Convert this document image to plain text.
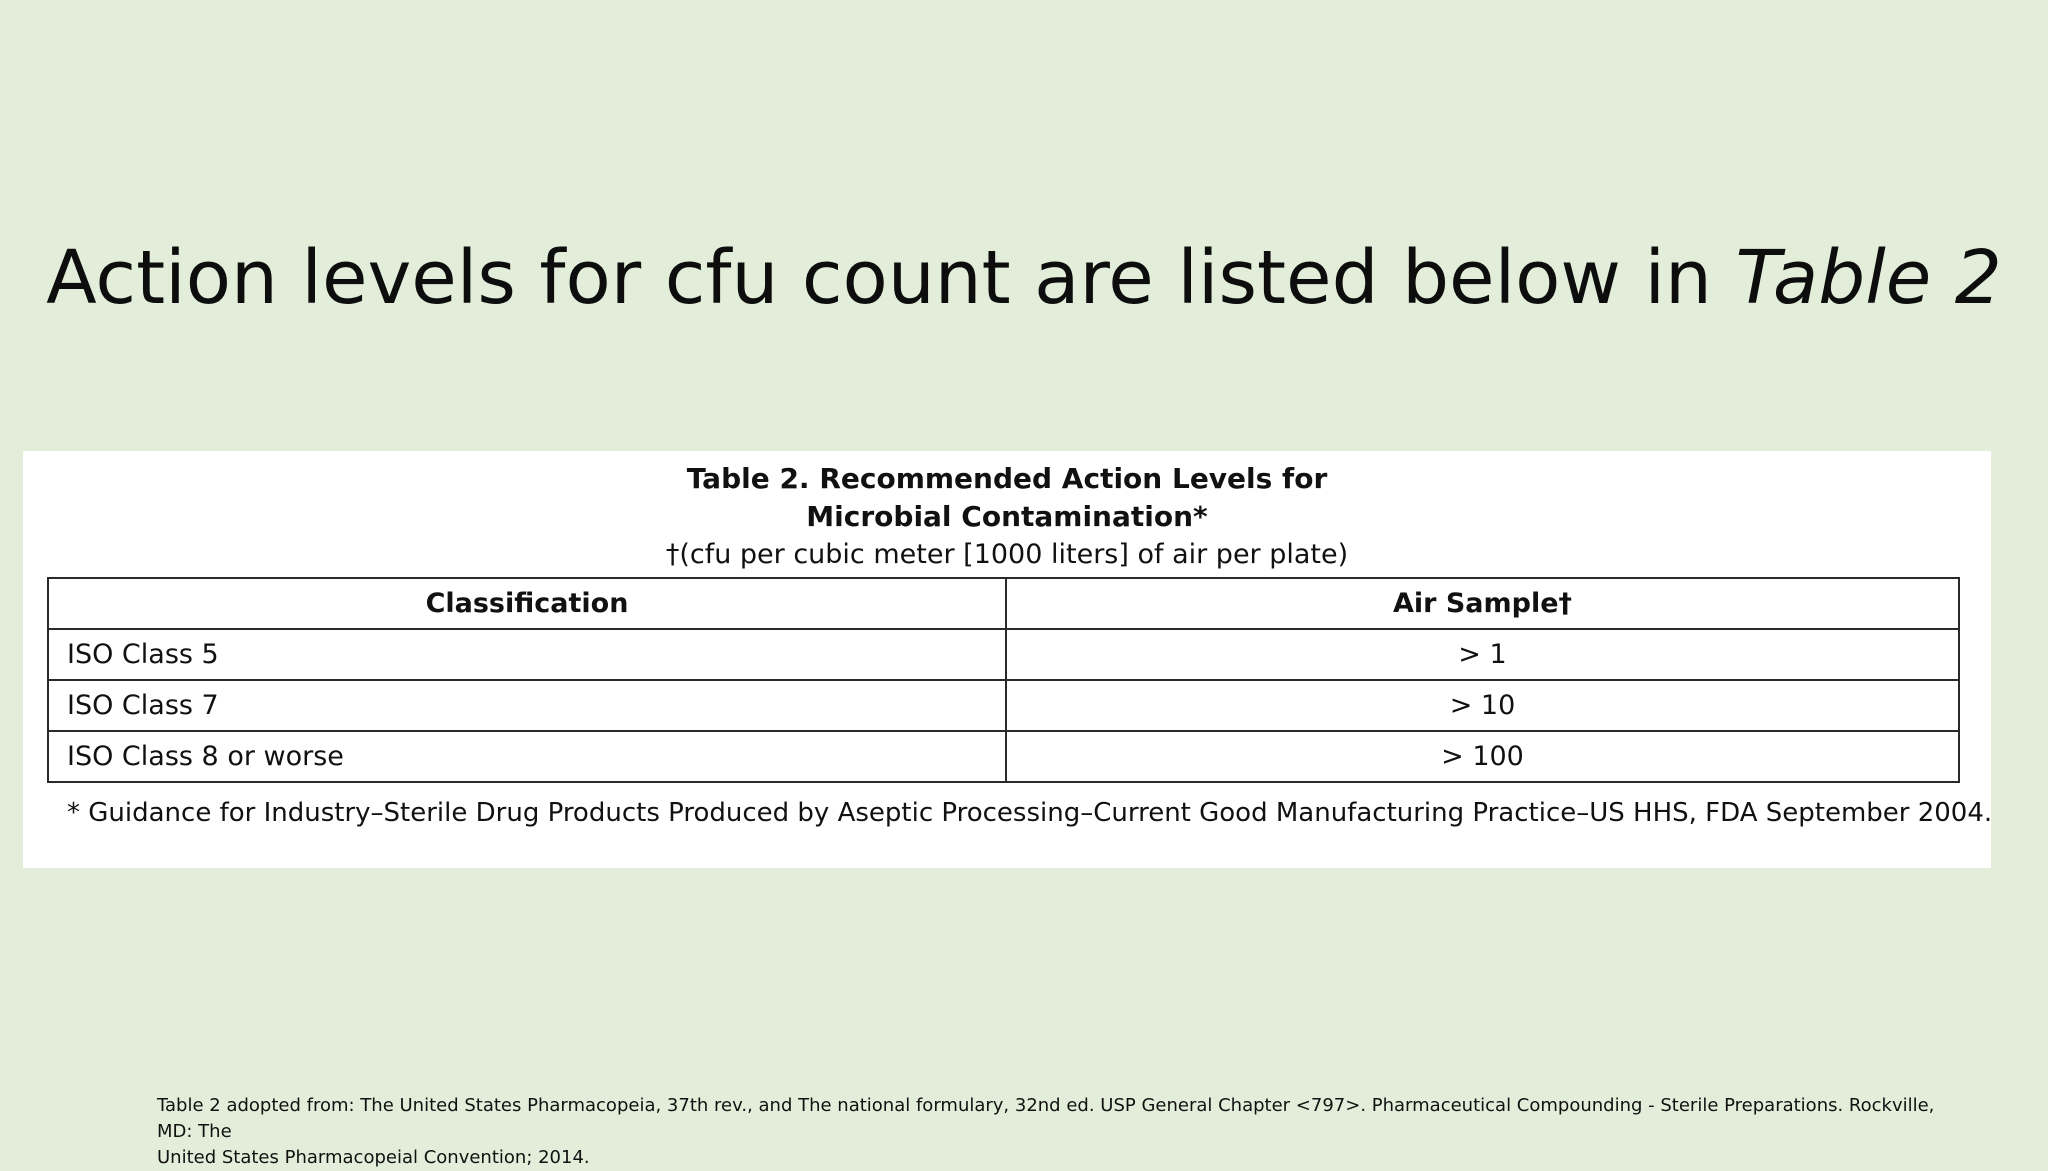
Action levels for cfu count are listed below in Table 2
Table 2. Recommended Action Levels for
Microbial Contamination*
†(cfu per cubic meter [1000 liters] of air per plate)
Classification	Air Sample†
ISO Class 5	> 1
ISO Class 7	> 10
ISO Class 8 or worse	> 100
* Guidance for Industry–Sterile Drug Products Produced by Aseptic Processing–Current Good Manufacturing Practice–US HHS, FDA September 2004.
Table 2 adopted from: The United States Pharmacopeia, 37th rev., and The national formulary, 32nd ed. USP General Chapter <797>. Pharmaceutical Compounding - Sterile Preparations. Rockville, MD: The
United States Pharmacopeial Convention; 2014.
